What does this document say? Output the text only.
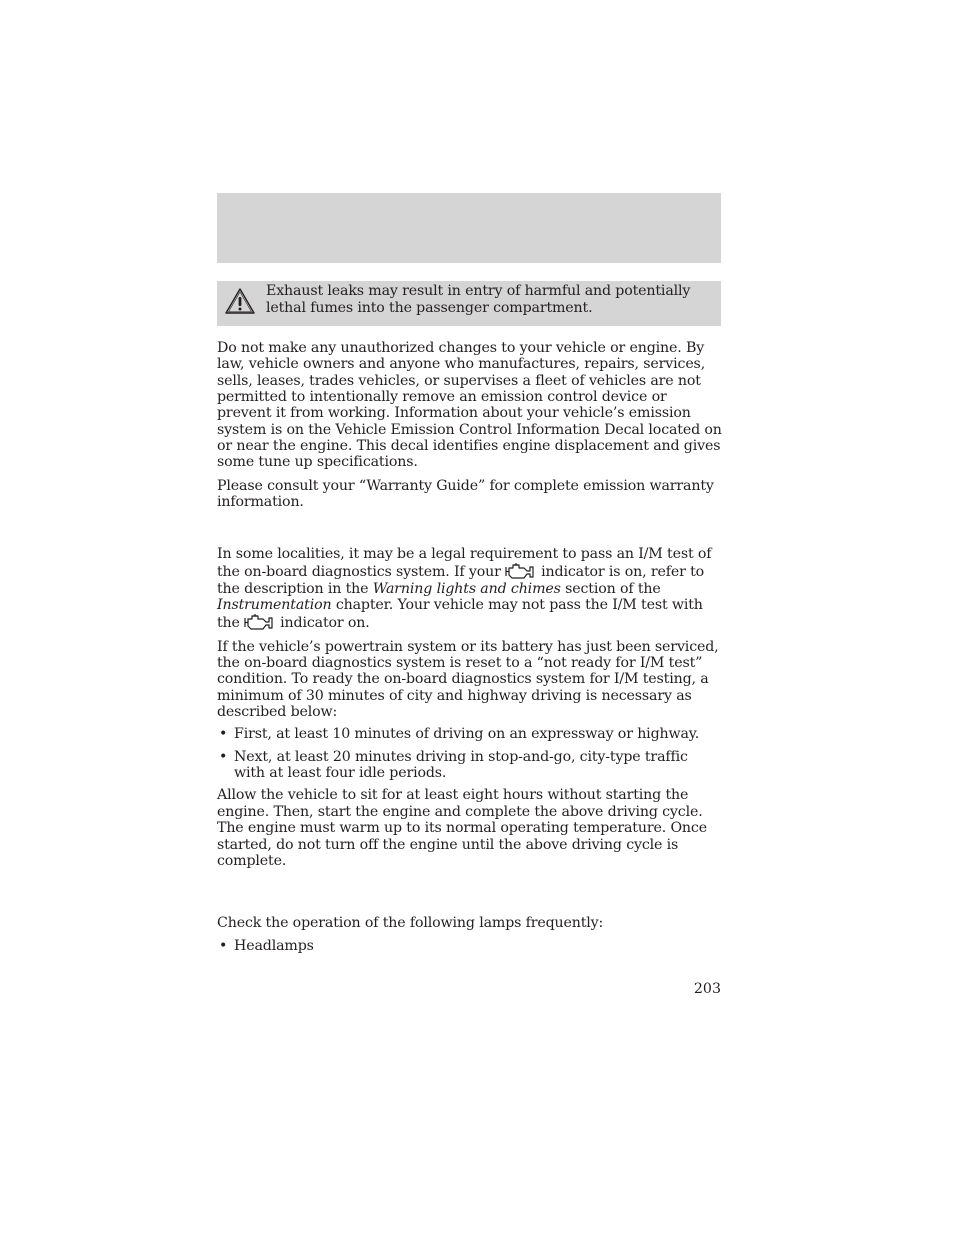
Exhaust leaks may result in entry of harmful and potentially
lethal fumes into the passenger compartment.

Do not make any unauthorized changes to your vehicle or engine. By law, vehicle owners and anyone who manufactures, repairs, services, sells, leases, trades vehicles, or supervises a fleet of vehicles are not permitted to intentionally remove an emission control device or prevent it from working. Information about your vehicle’s emission system is on the Vehicle Emission Control Information Decal located on or near the engine. This decal identifies engine displacement and gives some tune up specifications.

Please consult your “Warranty Guide” for complete emission warranty information.

In some localities, it may be a legal requirement to pass an I/M test of the on-board diagnostics system. If your	indicator is on, refer to the description in the Warning lights and chimes section of the Instrumentation chapter. Your vehicle may not pass the I/M test with the	indicator on.

If the vehicle’s powertrain system or its battery has just been serviced, the on-board diagnostics system is reset to a “not ready for I/M test” condition. To ready the on-board diagnostics system for I/M testing, a minimum of 30 minutes of city and highway driving is necessary as described below:

• First, at least 10 minutes of driving on an expressway or highway.

• Next, at least 20 minutes driving in stop-and-go, city-type traffic with at least four idle periods.

Allow the vehicle to sit for at least eight hours without starting the engine. Then, start the engine and complete the above driving cycle. The engine must warm up to its normal operating temperature. Once started, do not turn off the engine until the above driving cycle is complete.

Check the operation of the following lamps frequently:

• Headlamps

203
